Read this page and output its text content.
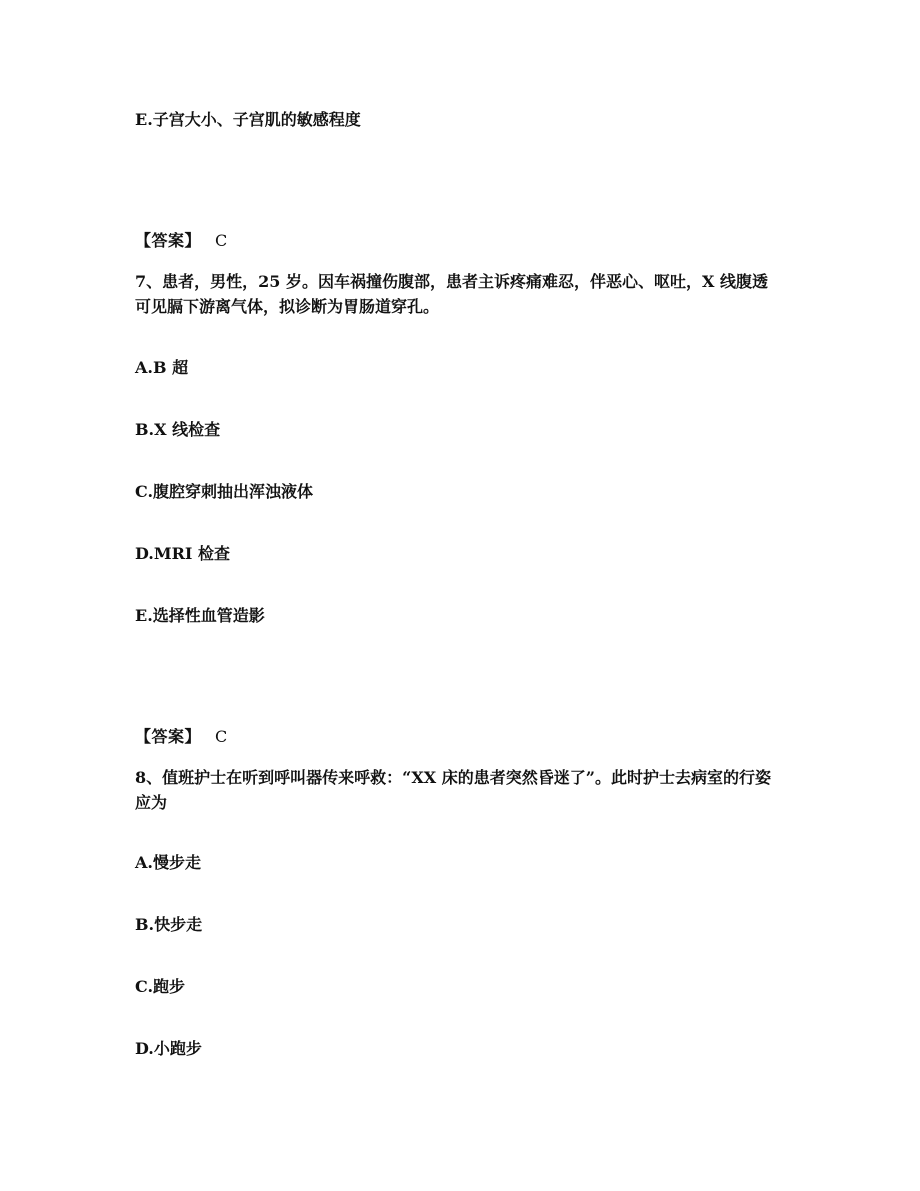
E.子宫大小、子宫肌的敏感程度
【答案】 C
7、患者，男性，25 岁。因车祸撞伤腹部，患者主诉疼痛难忍，伴恶心、呕吐，X 线腹透
可见膈下游离气体，拟诊断为胃肠道穿孔。
A.B 超
B.X 线检查
C.腹腔穿刺抽出浑浊液体
D.MRI 检查
E.选择性血管造影
【答案】 C
8、值班护士在听到呼叫器传来呼救：“XX 床的患者突然昏迷了”。此时护士去病室的行姿
应为
A.慢步走
B.快步走
C.跑步
D.小跑步
